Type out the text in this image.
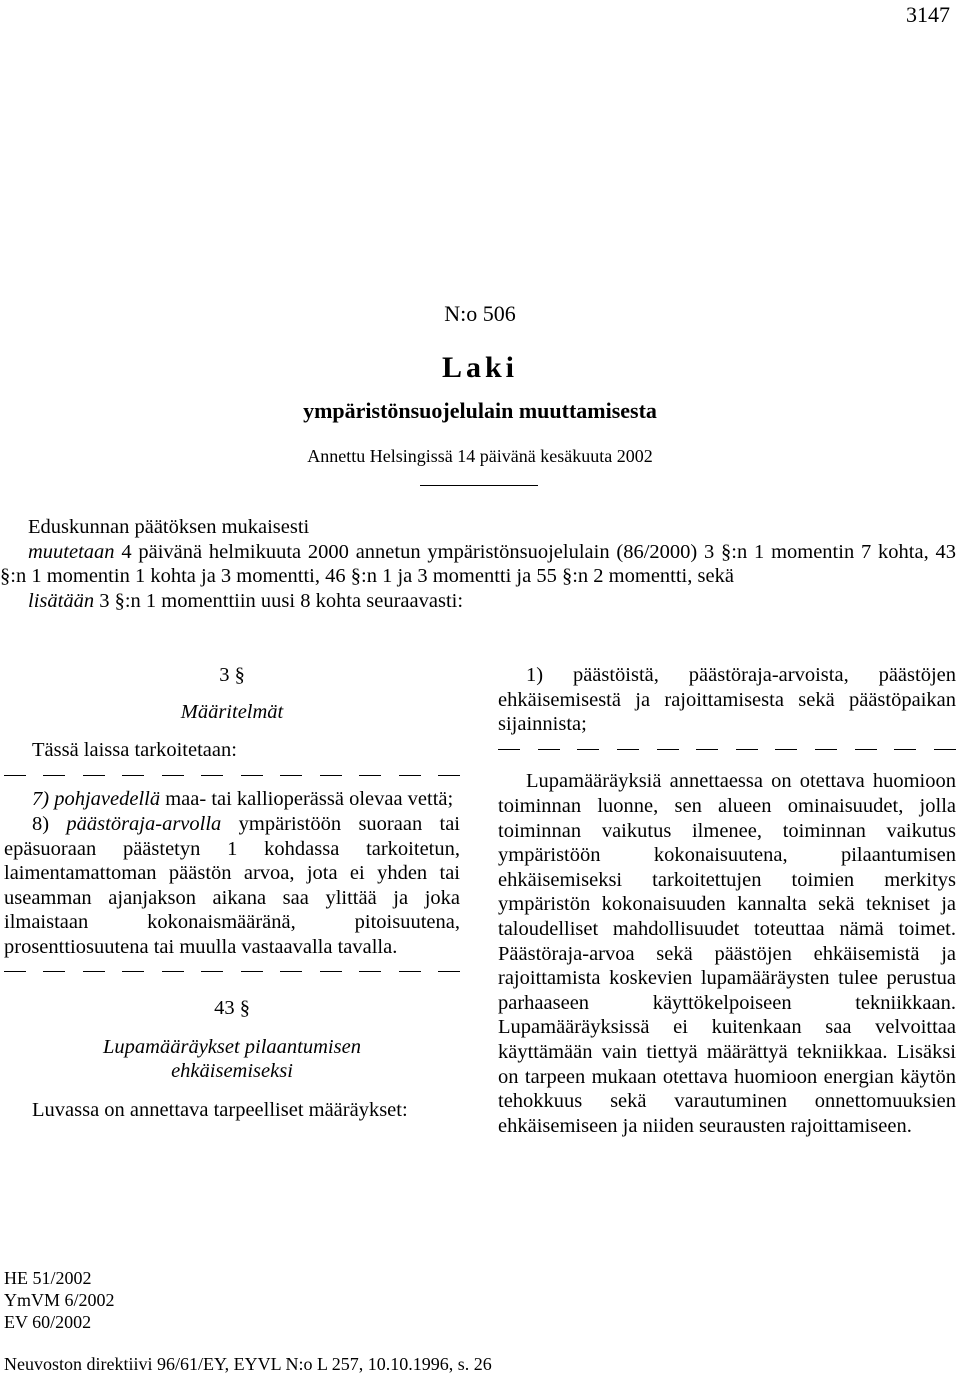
3147
N:o 506
Laki
ympäristönsuojelulain muuttamisesta
Annettu Helsingissä 14 päivänä kesäkuuta 2002

Eduskunnan päätöksen mukaisesti

muutetaan 4 päivänä helmikuuta 2000 annetun ympäristönsuojelulain (86/2000) 3 §:n 1 momentin 7 kohta, 43 §:n 1 momentin 1 kohta ja 3 momentti, 46 §:n 1 ja 3 momentti ja 55 §:n 2 momentti, sekä

lisätään 3 §:n 1 momenttiin uusi 8 kohta seuraavasti:

3 §

Määritelmät

Tässä laissa tarkoitetaan:

7) pohjavedellä maa- tai kallioperässä olevaa vettä;

8) päästöraja-arvolla ympäristöön suoraan tai epäsuoraan päästetyn 1 kohdassa tarkoitetun, laimentamattoman päästön arvoa, jota ei yhden tai useamman ajanjakson aikana saa ylittää ja joka ilmaistaan kokonaismääränä, pitoisuutena, prosenttiosuutena tai muulla vastaavalla tavalla.

43 §

Lupamääräykset pilaantumisen

ehkäisemiseksi

Luvassa on annettava tarpeelliset määräykset:

1) päästöistä, päästöraja-arvoista, päästöjen ehkäisemisestä ja rajoittamisesta sekä päästöpaikan sijainnista;

Lupamääräyksiä annettaessa on otettava huomioon toiminnan luonne, sen alueen ominaisuudet, jolla toiminnan vaikutus ilmenee, toiminnan vaikutus ympäristöön kokonaisuutena, pilaantumisen ehkäisemiseksi tarkoitettujen toimien merkitys ympäristön kokonaisuuden kannalta sekä tekniset ja taloudelliset mahdollisuudet toteuttaa nämä toimet. Päästöraja-arvoa sekä päästöjen ehkäisemistä ja rajoittamista koskevien lupamääräysten tulee perustua parhaaseen käyttökelpoiseen tekniikkaan. Lupamääräyksissä ei kuitenkaan saa velvoittaa käyttämään vain tiettyä määrättyä tekniikkaa. Lisäksi on tarpeen mukaan otettava huomioon energian käytön tehokkuus sekä varautuminen onnettomuuksien ehkäisemiseen ja niiden seurausten rajoittamiseen.

HE 51/2002
YmVM 6/2002
EV 60/2002
Neuvoston direktiivi 96/61/EY, EYVL N:o L 257, 10.10.1996, s. 26
